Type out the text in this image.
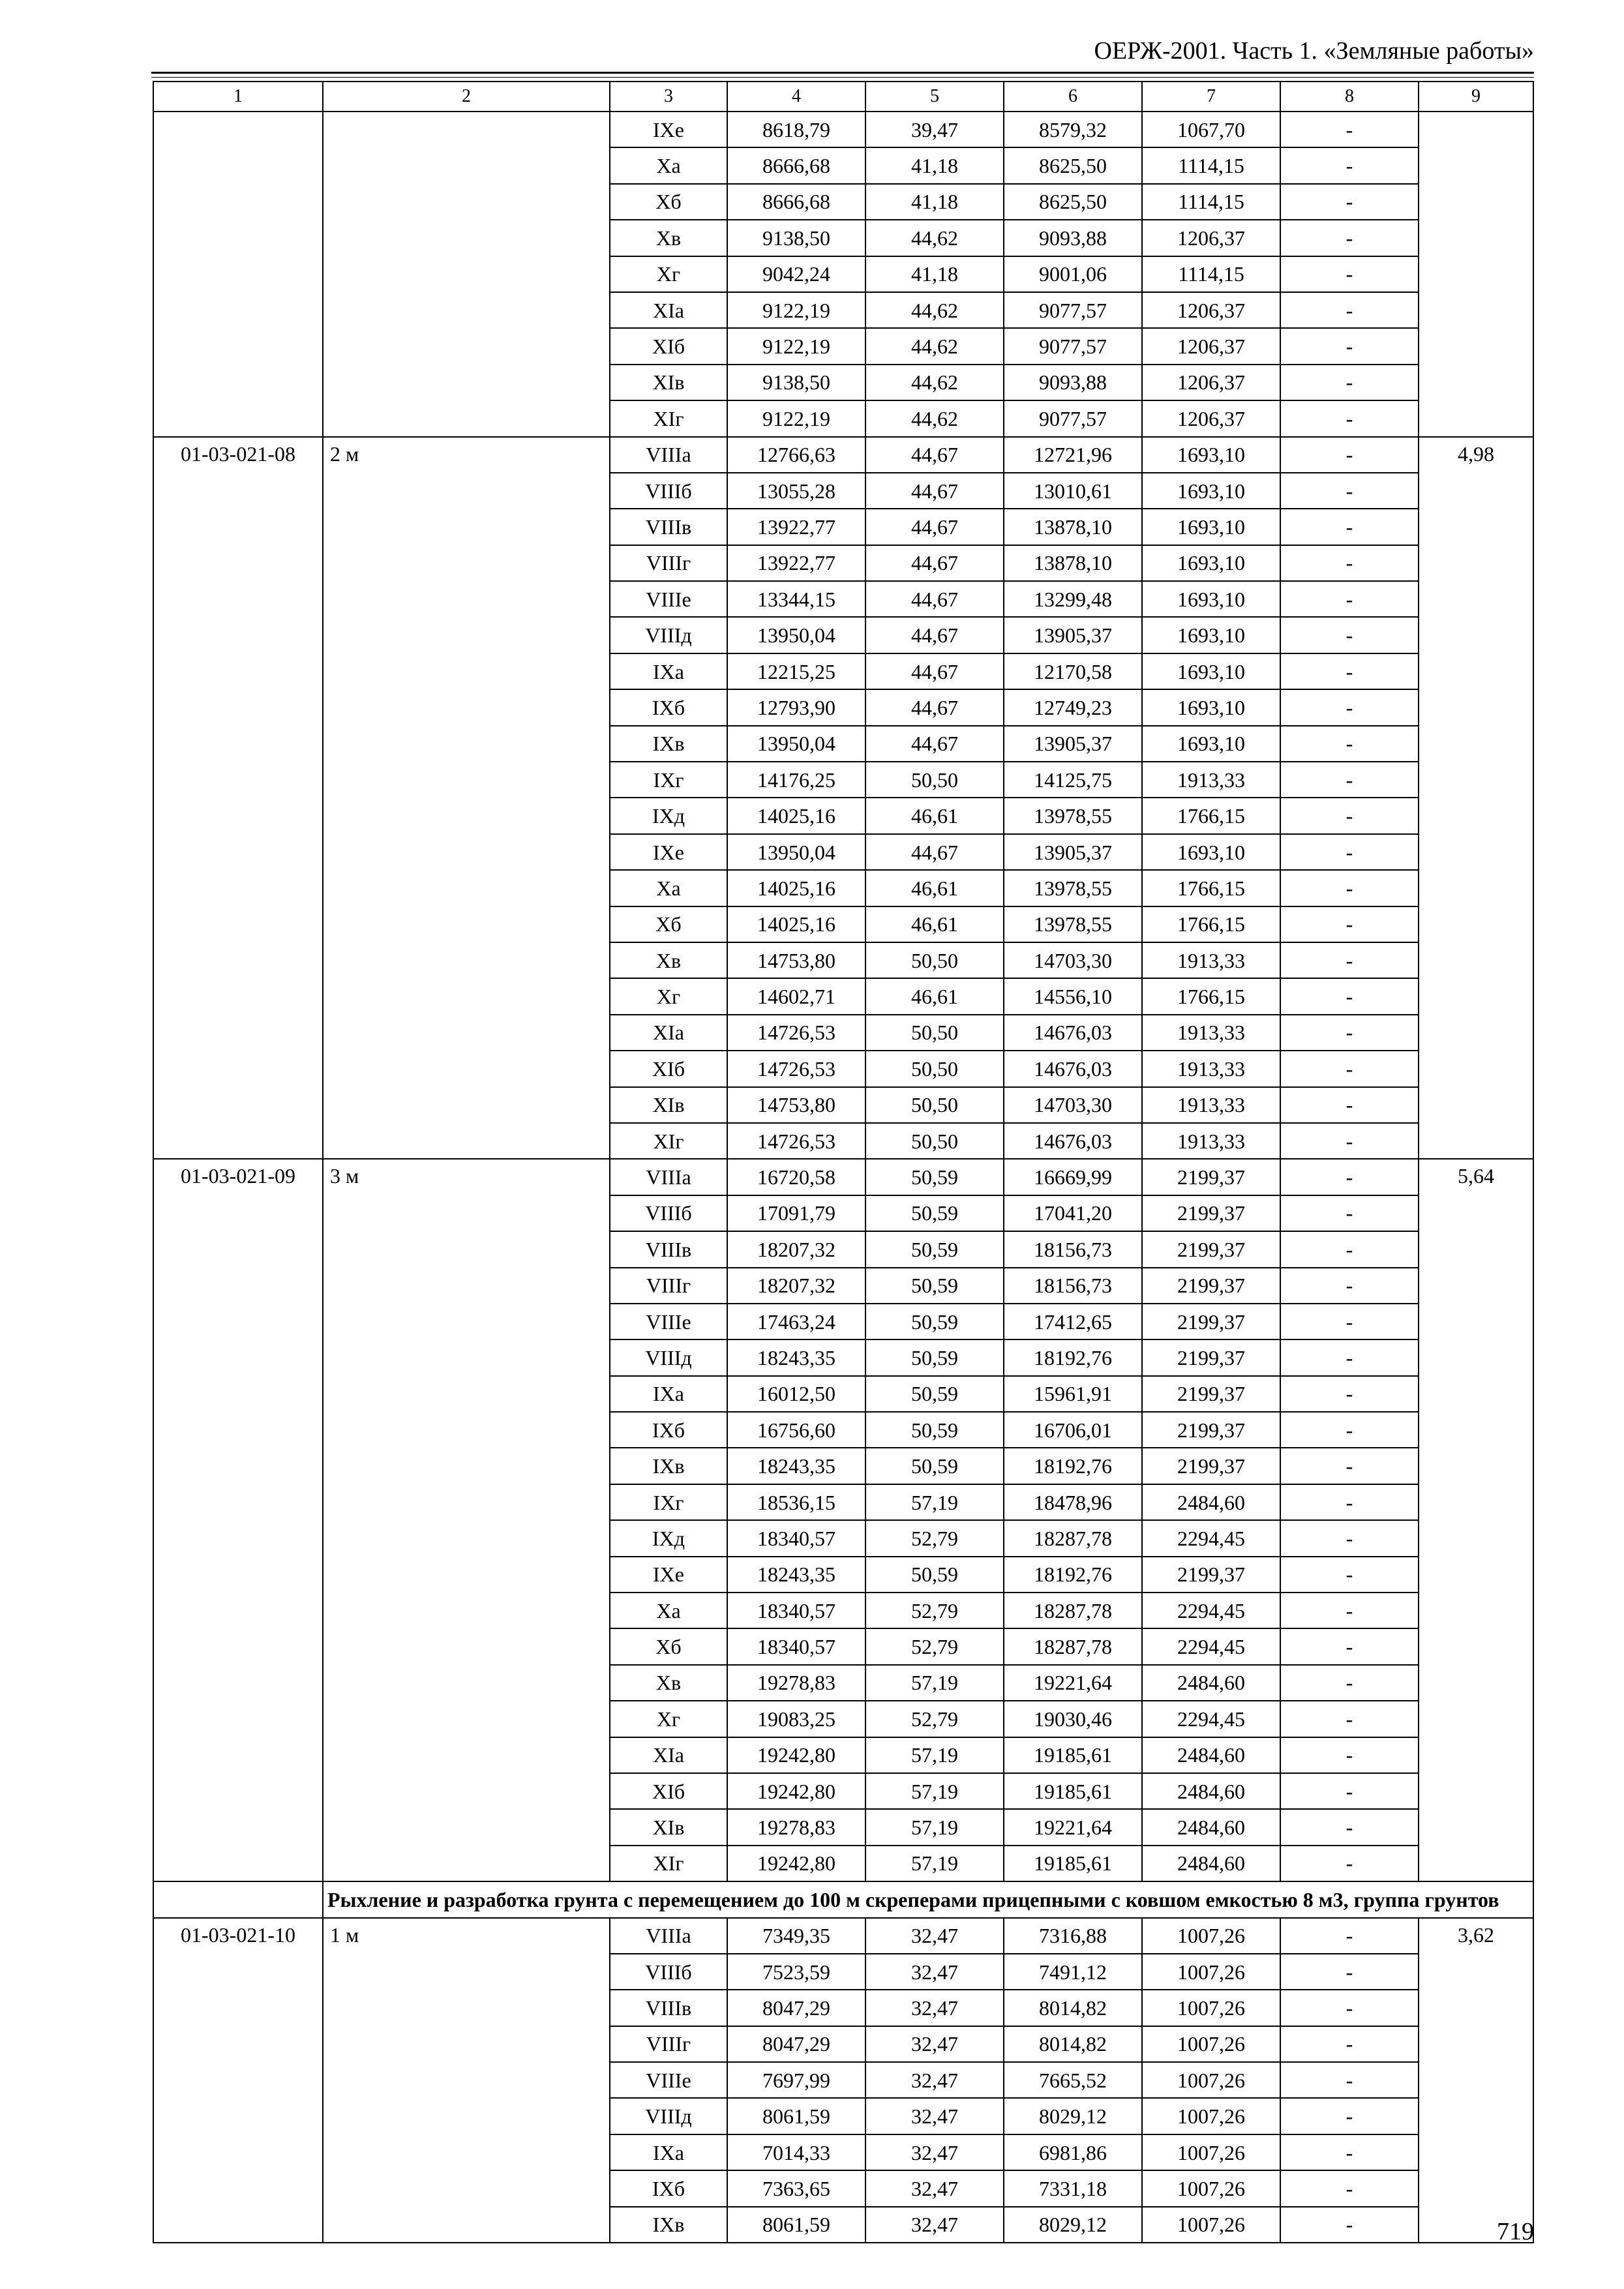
ОЕРЖ-2001. Часть 1. «Земляные работы»
1	2	3	4	5	6	7	8	9
		IXе	8618,79	39,47	8579,32	1067,70	-	
		Xа	8666,68	41,18	8625,50	1114,15	-	
		Xб	8666,68	41,18	8625,50	1114,15	-	
		Xв	9138,50	44,62	9093,88	1206,37	-	
		Xг	9042,24	41,18	9001,06	1114,15	-	
		XIа	9122,19	44,62	9077,57	1206,37	-	
		XIб	9122,19	44,62	9077,57	1206,37	-	
		XIв	9138,50	44,62	9093,88	1206,37	-	
		XIг	9122,19	44,62	9077,57	1206,37	-	
01-03-021-08	2 м	VIIIа	12766,63	44,67	12721,96	1693,10	-	4,98
		VIIIб	13055,28	44,67	13010,61	1693,10	-	
		VIIIв	13922,77	44,67	13878,10	1693,10	-	
		VIIIг	13922,77	44,67	13878,10	1693,10	-	
		VIIIе	13344,15	44,67	13299,48	1693,10	-	
		VIIIд	13950,04	44,67	13905,37	1693,10	-	
		IXа	12215,25	44,67	12170,58	1693,10	-	
		IXб	12793,90	44,67	12749,23	1693,10	-	
		IXв	13950,04	44,67	13905,37	1693,10	-	
		IXг	14176,25	50,50	14125,75	1913,33	-	
		IXд	14025,16	46,61	13978,55	1766,15	-	
		IXе	13950,04	44,67	13905,37	1693,10	-	
		Xа	14025,16	46,61	13978,55	1766,15	-	
		Xб	14025,16	46,61	13978,55	1766,15	-	
		Xв	14753,80	50,50	14703,30	1913,33	-	
		Xг	14602,71	46,61	14556,10	1766,15	-	
		XIа	14726,53	50,50	14676,03	1913,33	-	
		XIб	14726,53	50,50	14676,03	1913,33	-	
		XIв	14753,80	50,50	14703,30	1913,33	-	
		XIг	14726,53	50,50	14676,03	1913,33	-	
01-03-021-09	3 м	VIIIа	16720,58	50,59	16669,99	2199,37	-	5,64
		VIIIб	17091,79	50,59	17041,20	2199,37	-	
		VIIIв	18207,32	50,59	18156,73	2199,37	-	
		VIIIг	18207,32	50,59	18156,73	2199,37	-	
		VIIIе	17463,24	50,59	17412,65	2199,37	-	
		VIIIд	18243,35	50,59	18192,76	2199,37	-	
		IXа	16012,50	50,59	15961,91	2199,37	-	
		IXб	16756,60	50,59	16706,01	2199,37	-	
		IXв	18243,35	50,59	18192,76	2199,37	-	
		IXг	18536,15	57,19	18478,96	2484,60	-	
		IXд	18340,57	52,79	18287,78	2294,45	-	
		IXе	18243,35	50,59	18192,76	2199,37	-	
		Xа	18340,57	52,79	18287,78	2294,45	-	
		Xб	18340,57	52,79	18287,78	2294,45	-	
		Xв	19278,83	57,19	19221,64	2484,60	-	
		Xг	19083,25	52,79	19030,46	2294,45	-	
		XIа	19242,80	57,19	19185,61	2484,60	-	
		XIб	19242,80	57,19	19185,61	2484,60	-	
		XIв	19278,83	57,19	19221,64	2484,60	-	
		XIг	19242,80	57,19	19185,61	2484,60	-	
	Рыхление и разработка грунта с перемещением до 100 м скреперами прицепными с ковшом емкостью 8 м3, группа грунтов							
01-03-021-10	1 м	VIIIа	7349,35	32,47	7316,88	1007,26	-	3,62
		VIIIб	7523,59	32,47	7491,12	1007,26	-	
		VIIIв	8047,29	32,47	8014,82	1007,26	-	
		VIIIг	8047,29	32,47	8014,82	1007,26	-	
		VIIIе	7697,99	32,47	7665,52	1007,26	-	
		VIIIд	8061,59	32,47	8029,12	1007,26	-	
		IXа	7014,33	32,47	6981,86	1007,26	-	
		IXб	7363,65	32,47	7331,18	1007,26	-	
		IXв	8061,59	32,47	8029,12	1007,26	-		719
